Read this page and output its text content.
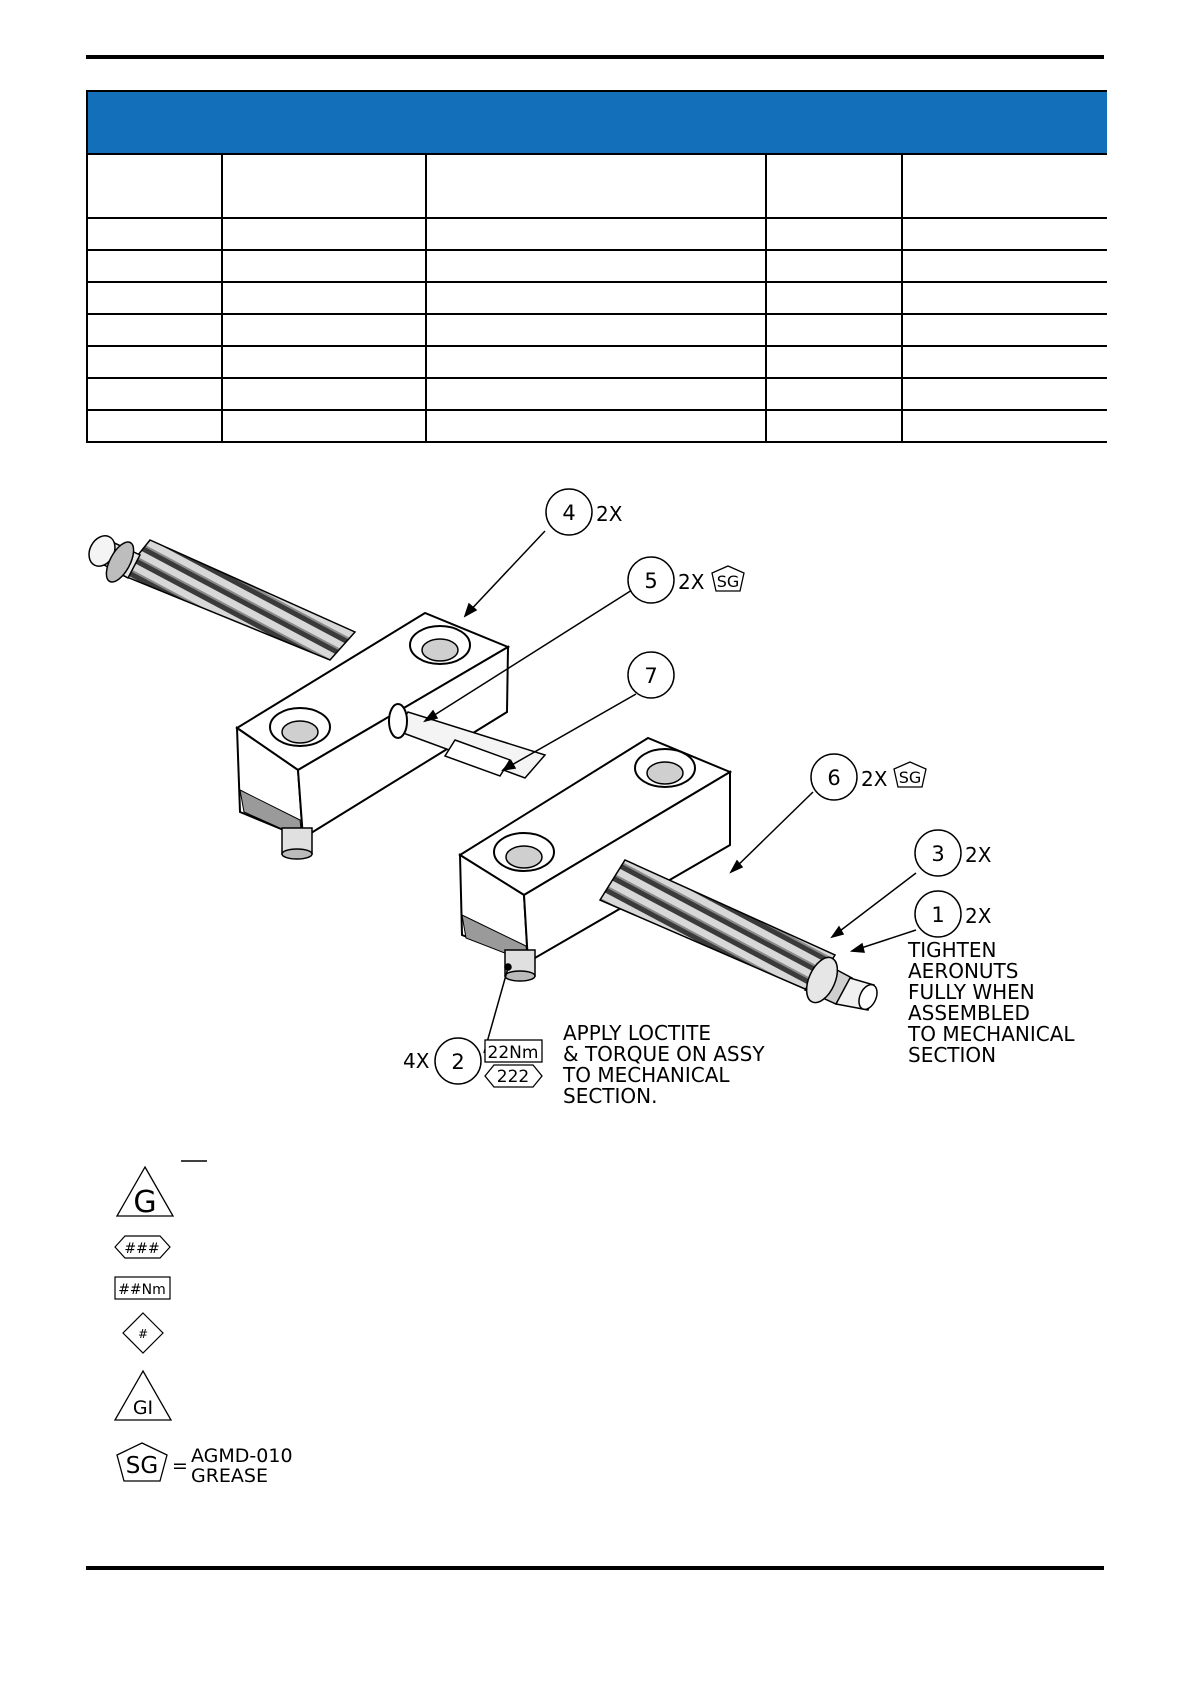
4 2X
5 2X SG
7
6 2X SG
3 2X
1 2X
TIGHTEN
AERONUTS
FULLY WHEN
ASSEMBLED
TO MECHANICAL
SECTION
4X 2 22Nm
222
APPLY LOCTITE
& TORQUE ON ASSY
TO MECHANICAL
SECTION.
G
###
##Nm
#
GI
SG = AGMD-010
GREASE
